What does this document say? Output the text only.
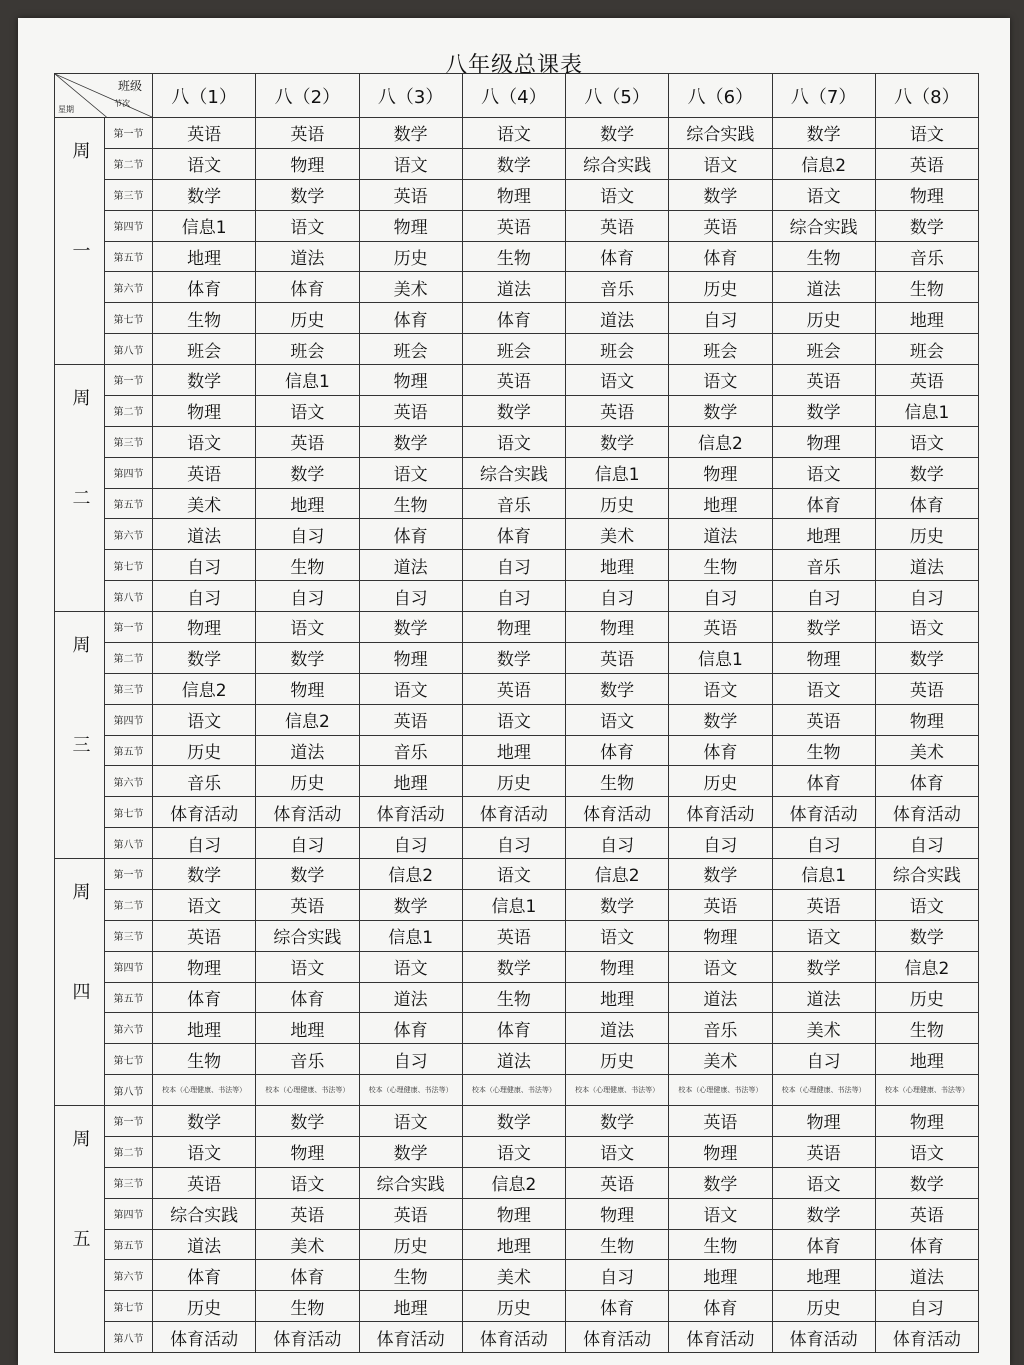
八年级总课表
班级
节次
星期		八（1）	八（2）	八（3）	八（4）	八（5）	八（6）	八（7）	八（8）
周一	第一节	英语	英语	数学	语文	数学	综合实践	数学	语文
	第二节	语文	物理	语文	数学	综合实践	语文	信息2	英语
	第三节	数学	数学	英语	物理	语文	数学	语文	物理
	第四节	信息1	语文	物理	英语	英语	英语	综合实践	数学
	第五节	地理	道法	历史	生物	体育	体育	生物	音乐
	第六节	体育	体育	美术	道法	音乐	历史	道法	生物
	第七节	生物	历史	体育	体育	道法	自习	历史	地理
	第八节	班会	班会	班会	班会	班会	班会	班会	班会
周二	第一节	数学	信息1	物理	英语	语文	语文	英语	英语
	第二节	物理	语文	英语	数学	英语	数学	数学	信息1
	第三节	语文	英语	数学	语文	数学	信息2	物理	语文
	第四节	英语	数学	语文	综合实践	信息1	物理	语文	数学
	第五节	美术	地理	生物	音乐	历史	地理	体育	体育
	第六节	道法	自习	体育	体育	美术	道法	地理	历史
	第七节	自习	生物	道法	自习	地理	生物	音乐	道法
	第八节	自习	自习	自习	自习	自习	自习	自习	自习
周三	第一节	物理	语文	数学	物理	物理	英语	数学	语文
	第二节	数学	数学	物理	数学	英语	信息1	物理	数学
	第三节	信息2	物理	语文	英语	数学	语文	语文	英语
	第四节	语文	信息2	英语	语文	语文	数学	英语	物理
	第五节	历史	道法	音乐	地理	体育	体育	生物	美术
	第六节	音乐	历史	地理	历史	生物	历史	体育	体育
	第七节	体育活动	体育活动	体育活动	体育活动	体育活动	体育活动	体育活动	体育活动
	第八节	自习	自习	自习	自习	自习	自习	自习	自习
周四	第一节	数学	数学	信息2	语文	信息2	数学	信息1	综合实践
	第二节	语文	英语	数学	信息1	数学	英语	英语	语文
	第三节	英语	综合实践	信息1	英语	语文	物理	语文	数学
	第四节	物理	语文	语文	数学	物理	语文	数学	信息2
	第五节	体育	体育	道法	生物	地理	道法	道法	历史
	第六节	地理	地理	体育	体育	道法	音乐	美术	生物
	第七节	生物	音乐	自习	道法	历史	美术	自习	地理
	第八节	校本（心理健康、书法等）	校本（心理健康、书法等）	校本（心理健康、书法等）	校本（心理健康、书法等）	校本（心理健康、书法等）	校本（心理健康、书法等）	校本（心理健康、书法等）	校本（心理健康、书法等）
周五	第一节	数学	数学	语文	数学	数学	英语	物理	物理
	第二节	语文	物理	数学	语文	语文	物理	英语	语文
	第三节	英语	语文	综合实践	信息2	英语	数学	语文	数学
	第四节	综合实践	英语	英语	物理	物理	语文	数学	英语
	第五节	道法	美术	历史	地理	生物	生物	体育	体育
	第六节	体育	体育	生物	美术	自习	地理	地理	道法
	第七节	历史	生物	地理	历史	体育	体育	历史	自习
	第八节	体育活动	体育活动	体育活动	体育活动	体育活动	体育活动	体育活动	体育活动
